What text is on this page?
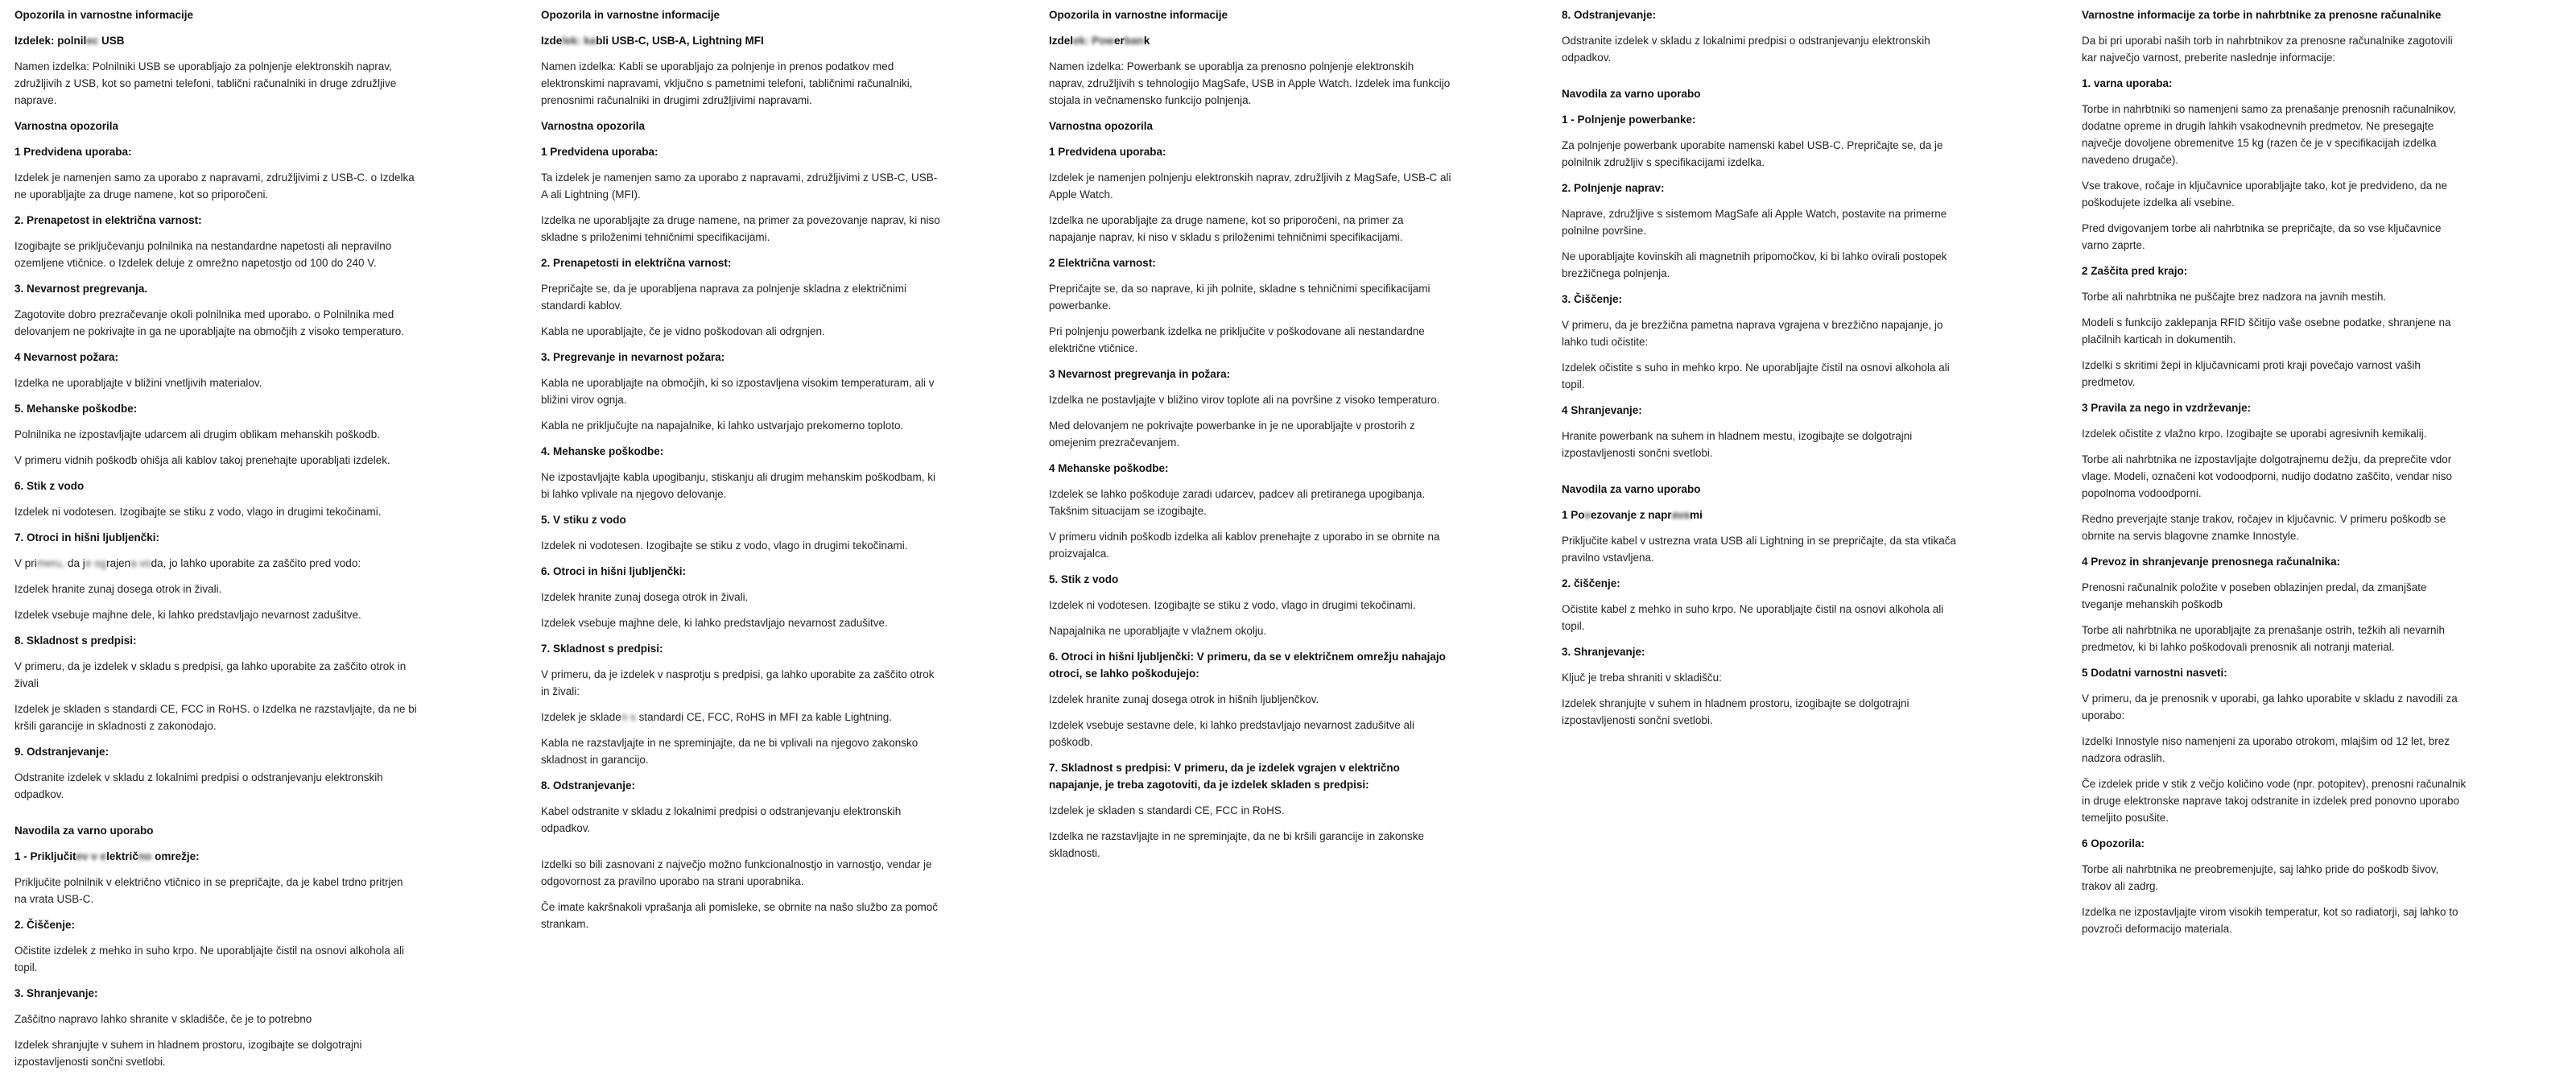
Opozorila in varnostne informacije
Izdelek: polnilec USB
Namen izdelka: Polnilniki USB se uporabljajo za polnjenje elektronskih naprav, združljivih z USB, kot so pametni telefoni, tablični računalniki in druge združljive naprave.
Varnostna opozorila
1 Predvidena uporaba:
Izdelek je namenjen samo za uporabo z napravami, združljivimi z USB-C. o Izdelka ne uporabljajte za druge namene, kot so priporočeni.
2. Prenapetost in električna varnost:
Izogibajte se priključevanju polnilnika na nestandardne napetosti ali nepravilno ozemljene vtičnice. o Izdelek deluje z omrežno napetostjo od 100 do 240 V.
3. Nevarnost pregrevanja.
Zagotovite dobro prezračevanje okoli polnilnika med uporabo. o Polnilnika med delovanjem ne pokrivajte in ga ne uporabljajte na območjih z visoko temperaturo.
4 Nevarnost požara:
Izdelka ne uporabljajte v bližini vnetljivih materialov.
5. Mehanske poškodbe:
Polnilnika ne izpostavljajte udarcem ali drugim oblikam mehanskih poškodb.
V primeru vidnih poškodb ohišja ali kablov takoj prenehajte uporabljati izdelek.
6. Stik z vodo
Izdelek ni vodotesen. Izogibajte se stiku z vodo, vlago in drugimi tekočinami.
7. Otroci in hišni ljubljenčki:
V primeru, da je ograjena voda, jo lahko uporabite za zaščito pred vodo:
Izdelek hranite zunaj dosega otrok in živali.
Izdelek vsebuje majhne dele, ki lahko predstavljajo nevarnost zadušitve.
8. Skladnost s predpisi:
V primeru, da je izdelek v skladu s predpisi, ga lahko uporabite za zaščito otrok in živali
Izdelek je skladen s standardi CE, FCC in RoHS. o Izdelka ne razstavljajte, da ne bi kršili garancije in skladnosti z zakonodajo.
9. Odstranjevanje:
Odstranite izdelek v skladu z lokalnimi predpisi o odstranjevanju elektronskih odpadkov.
Navodila za varno uporabo
1 - Priključitev v električno omrežje:
Priključite polnilnik v električno vtičnico in se prepričajte, da je kabel trdno pritrjen na vrata USB-C.
2. Čiščenje:
Očistite izdelek z mehko in suho krpo. Ne uporabljajte čistil na osnovi alkohola ali topil.
3. Shranjevanje:
Zaščitno napravo lahko shranite v skladišče, če je to potrebno
Izdelek shranjujte v suhem in hladnem prostoru, izogibajte se dolgotrajni izpostavljenosti sončni svetlobi.
Opozorila in varnostne informacije
Izdelek: kabli USB-C, USB-A, Lightning MFI
Namen izdelka: Kabli se uporabljajo za polnjenje in prenos podatkov med elektronskimi napravami, vključno s pametnimi telefoni, tabličnimi računalniki, prenosnimi računalniki in drugimi združljivimi napravami.
Varnostna opozorila
1 Predvidena uporaba:
Ta izdelek je namenjen samo za uporabo z napravami, združljivimi z USB-C, USB-A ali Lightning (MFI).
Izdelka ne uporabljajte za druge namene, na primer za povezovanje naprav, ki niso skladne s priloženimi tehničnimi specifikacijami.
2. Prenapetosti in električna varnost:
Prepričajte se, da je uporabljena naprava za polnjenje skladna z električnimi standardi kablov.
Kabla ne uporabljajte, če je vidno poškodovan ali odrgnjen.
3. Pregrevanje in nevarnost požara:
Kabla ne uporabljajte na območjih, ki so izpostavljena visokim temperaturam, ali v bližini virov ognja.
Kabla ne priključujte na napajalnike, ki lahko ustvarjajo prekomerno toploto.
4. Mehanske poškodbe:
Ne izpostavljajte kabla upogibanju, stiskanju ali drugim mehanskim poškodbam, ki bi lahko vplivale na njegovo delovanje.
5. V stiku z vodo
Izdelek ni vodotesen. Izogibajte se stiku z vodo, vlago in drugimi tekočinami.
6. Otroci in hišni ljubljenčki:
Izdelek hranite zunaj dosega otrok in živali.
Izdelek vsebuje majhne dele, ki lahko predstavljajo nevarnost zadušitve.
7. Skladnost s predpisi:
V primeru, da je izdelek v nasprotju s predpisi, ga lahko uporabite za zaščito otrok in živali:
Izdelek je skladen s standardi CE, FCC, RoHS in MFI za kable Lightning.
Kabla ne razstavljajte in ne spreminjajte, da ne bi vplivali na njegovo zakonsko skladnost in garancijo.
8. Odstranjevanje:
Kabel odstranite v skladu z lokalnimi predpisi o odstranjevanju elektronskih odpadkov.
Izdelki so bili zasnovani z največjo možno funkcionalnostjo in varnostjo, vendar je odgovornost za pravilno uporabo na strani uporabnika.
Če imate kakršnakoli vprašanja ali pomisleke, se obrnite na našo službo za pomoč strankam.
Opozorila in varnostne informacije
Izdelek: Powerbank
Namen izdelka: Powerbank se uporablja za prenosno polnjenje elektronskih naprav, združljivih s tehnologijo MagSafe, USB in Apple Watch. Izdelek ima funkcijo stojala in večnamensko funkcijo polnjenja.
Varnostna opozorila
1 Predvidena uporaba:
Izdelek je namenjen polnjenju elektronskih naprav, združljivih z MagSafe, USB-C ali Apple Watch.
Izdelka ne uporabljajte za druge namene, kot so priporočeni, na primer za napajanje naprav, ki niso v skladu s priloženimi tehničnimi specifikacijami.
2 Električna varnost:
Prepričajte se, da so naprave, ki jih polnite, skladne s tehničnimi specifikacijami powerbanke.
Pri polnjenju powerbank izdelka ne priključite v poškodovane ali nestandardne električne vtičnice.
3 Nevarnost pregrevanja in požara:
Izdelka ne postavljajte v bližino virov toplote ali na površine z visoko temperaturo.
Med delovanjem ne pokrivajte powerbanke in je ne uporabljajte v prostorih z omejenim prezračevanjem.
4 Mehanske poškodbe:
Izdelek se lahko poškoduje zaradi udarcev, padcev ali pretiranega upogibanja. Takšnim situacijam se izogibajte.
V primeru vidnih poškodb izdelka ali kablov prenehajte z uporabo in se obrnite na proizvajalca.
5. Stik z vodo
Izdelek ni vodotesen. Izogibajte se stiku z vodo, vlago in drugimi tekočinami.
Napajalnika ne uporabljajte v vlažnem okolju.
6. Otroci in hišni ljubljenčki: V primeru, da se v električnem omrežju nahajajo otroci, se lahko poškodujejo:
Izdelek hranite zunaj dosega otrok in hišnih ljubljenčkov.
Izdelek vsebuje sestavne dele, ki lahko predstavljajo nevarnost zadušitve ali poškodb.
7. Skladnost s predpisi: V primeru, da je izdelek vgrajen v električno napajanje, je treba zagotoviti, da je izdelek skladen s predpisi:
Izdelek je skladen s standardi CE, FCC in RoHS.
Izdelka ne razstavljajte in ne spreminjajte, da ne bi kršili garancije in zakonske skladnosti.
8. Odstranjevanje:
Odstranite izdelek v skladu z lokalnimi predpisi o odstranjevanju elektronskih odpadkov.
Navodila za varno uporabo
1 - Polnjenje powerbanke:
Za polnjenje powerbank uporabite namenski kabel USB-C. Prepričajte se, da je polnilnik združljiv s specifikacijami izdelka.
2. Polnjenje naprav:
Naprave, združljive s sistemom MagSafe ali Apple Watch, postavite na primerne polnilne površine.
Ne uporabljajte kovinskih ali magnetnih pripomočkov, ki bi lahko ovirali postopek brezžičnega polnjenja.
3. Čiščenje:
V primeru, da je brezžična pametna naprava vgrajena v brezžično napajanje, jo lahko tudi očistite:
Izdelek očistite s suho in mehko krpo. Ne uporabljajte čistil na osnovi alkohola ali topil.
4 Shranjevanje:
Hranite powerbank na suhem in hladnem mestu, izogibajte se dolgotrajni izpostavljenosti sončni svetlobi.
Navodila za varno uporabo
1 Povezovanje z napravami
Priključite kabel v ustrezna vrata USB ali Lightning in se prepričajte, da sta vtikača pravilno vstavljena.
2. čiščenje:
Očistite kabel z mehko in suho krpo. Ne uporabljajte čistil na osnovi alkohola ali topil.
3. Shranjevanje:
Ključ je treba shraniti v skladišču:
Izdelek shranjujte v suhem in hladnem prostoru, izogibajte se dolgotrajni izpostavljenosti sončni svetlobi.
Varnostne informacije za torbe in nahrbtnike za prenosne računalnike
Da bi pri uporabi naših torb in nahrbtnikov za prenosne računalnike zagotovili kar največjo varnost, preberite naslednje informacije:
1. varna uporaba:
Torbe in nahrbtniki so namenjeni samo za prenašanje prenosnih računalnikov, dodatne opreme in drugih lahkih vsakodnevnih predmetov. Ne presegajte največje dovoljene obremenitve 15 kg (razen če je v specifikacijah izdelka navedeno drugače).
Vse trakove, ročaje in ključavnice uporabljajte tako, kot je predvideno, da ne poškodujete izdelka ali vsebine.
Pred dvigovanjem torbe ali nahrbtnika se prepričajte, da so vse ključavnice varno zaprte.
2 Zaščita pred krajo:
Torbe ali nahrbtnika ne puščajte brez nadzora na javnih mestih.
Modeli s funkcijo zaklepanja RFID ščitijo vaše osebne podatke, shranjene na plačilnih karticah in dokumentih.
Izdelki s skritimi žepi in ključavnicami proti kraji povečajo varnost vaših predmetov.
3 Pravila za nego in vzdrževanje:
Izdelek očistite z vlažno krpo. Izogibajte se uporabi agresivnih kemikalij.
Torbe ali nahrbtnika ne izpostavljajte dolgotrajnemu dežju, da preprečite vdor vlage. Modeli, označeni kot vodoodporni, nudijo dodatno zaščito, vendar niso popolnoma vodoodporni.
Redno preverjajte stanje trakov, ročajev in ključavnic. V primeru poškodb se obrnite na servis blagovne znamke Innostyle.
4 Prevoz in shranjevanje prenosnega računalnika:
Prenosni računalnik položite v poseben oblazinjen predal, da zmanjšate tveganje mehanskih poškodb
Torbe ali nahrbtnika ne uporabljajte za prenašanje ostrih, težkih ali nevarnih predmetov, ki bi lahko poškodovali prenosnik ali notranji material.
5 Dodatni varnostni nasveti:
V primeru, da je prenosnik v uporabi, ga lahko uporabite v skladu z navodili za uporabo:
Izdelki Innostyle niso namenjeni za uporabo otrokom, mlajšim od 12 let, brez nadzora odraslih.
Če izdelek pride v stik z večjo količino vode (npr. potopitev), prenosni računalnik in druge elektronske naprave takoj odstranite in izdelek pred ponovno uporabo temeljito posušite.
6 Opozorila:
Torbe ali nahrbtnika ne preobremenjujte, saj lahko pride do poškodb šivov, trakov ali zadrg.
Izdelka ne izpostavljajte virom visokih temperatur, kot so radiatorji, saj lahko to povzroči deformacijo materiala.
